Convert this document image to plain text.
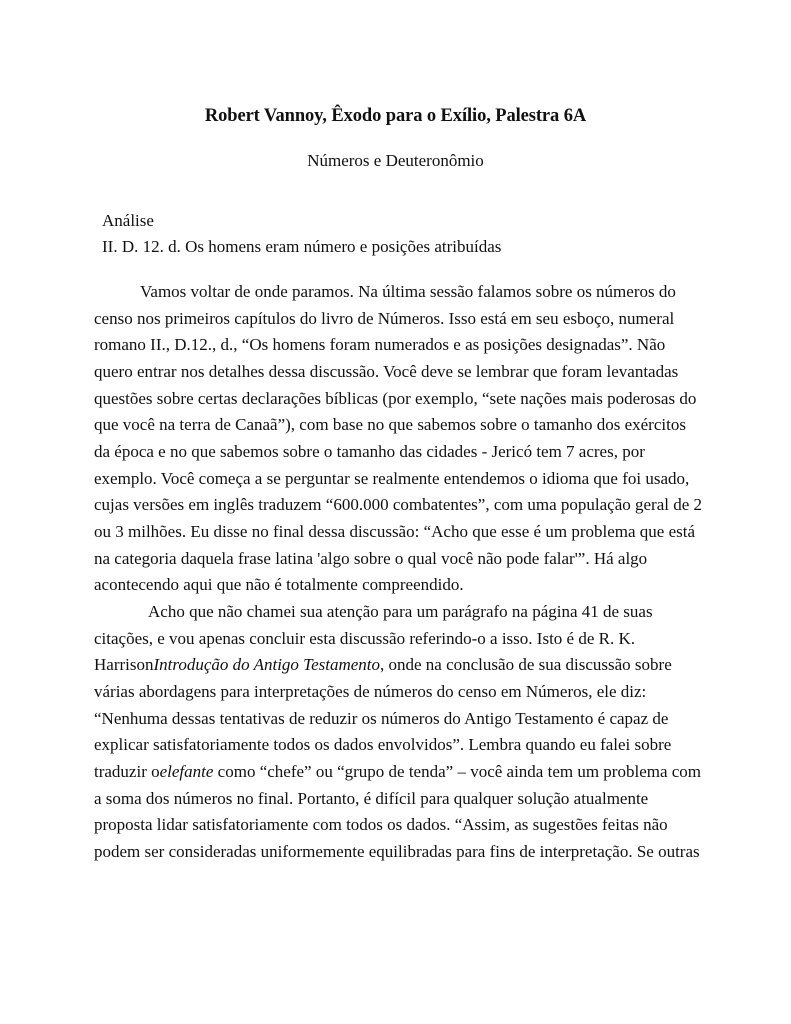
Robert Vannoy, Êxodo para o Exílio, Palestra 6A
Números e Deuteronômio
Análise
II. D. 12. d. Os homens eram número e posições atribuídas
Vamos voltar de onde paramos. Na última sessão falamos sobre os números do
censo nos primeiros capítulos do livro de Números. Isso está em seu esboço, numeral
romano II., D.12., d., “Os homens foram numerados e as posições designadas”. Não
quero entrar nos detalhes dessa discussão. Você deve se lembrar que foram levantadas
questões sobre certas declarações bíblicas (por exemplo, “sete nações mais poderosas do
que você na terra de Canaã”), com base no que sabemos sobre o tamanho dos exércitos
da época e no que sabemos sobre o tamanho das cidades - Jericó tem 7 acres, por
exemplo. Você começa a se perguntar se realmente entendemos o idioma que foi usado,
cujas versões em inglês traduzem “600.000 combatentes”, com uma população geral de 2
ou 3 milhões. Eu disse no final dessa discussão: “Acho que esse é um problema que está
na categoria daquela frase latina 'algo sobre o qual você não pode falar'”. Há algo
acontecendo aqui que não é totalmente compreendido.
Acho que não chamei sua atenção para um parágrafo na página 41 de suas
citações, e vou apenas concluir esta discussão referindo-o a isso. Isto é de R. K.
HarrisonIntrodução do Antigo Testamento, onde na conclusão de sua discussão sobre
várias abordagens para interpretações de números do censo em Números, ele diz:
“Nenhuma dessas tentativas de reduzir os números do Antigo Testamento é capaz de
explicar satisfatoriamente todos os dados envolvidos”. Lembra quando eu falei sobre
traduzir oelefante como “chefe” ou “grupo de tenda” – você ainda tem um problema com
a soma dos números no final. Portanto, é difícil para qualquer solução atualmente
proposta lidar satisfatoriamente com todos os dados. “Assim, as sugestões feitas não
podem ser consideradas uniformemente equilibradas para fins de interpretação. Se outras
